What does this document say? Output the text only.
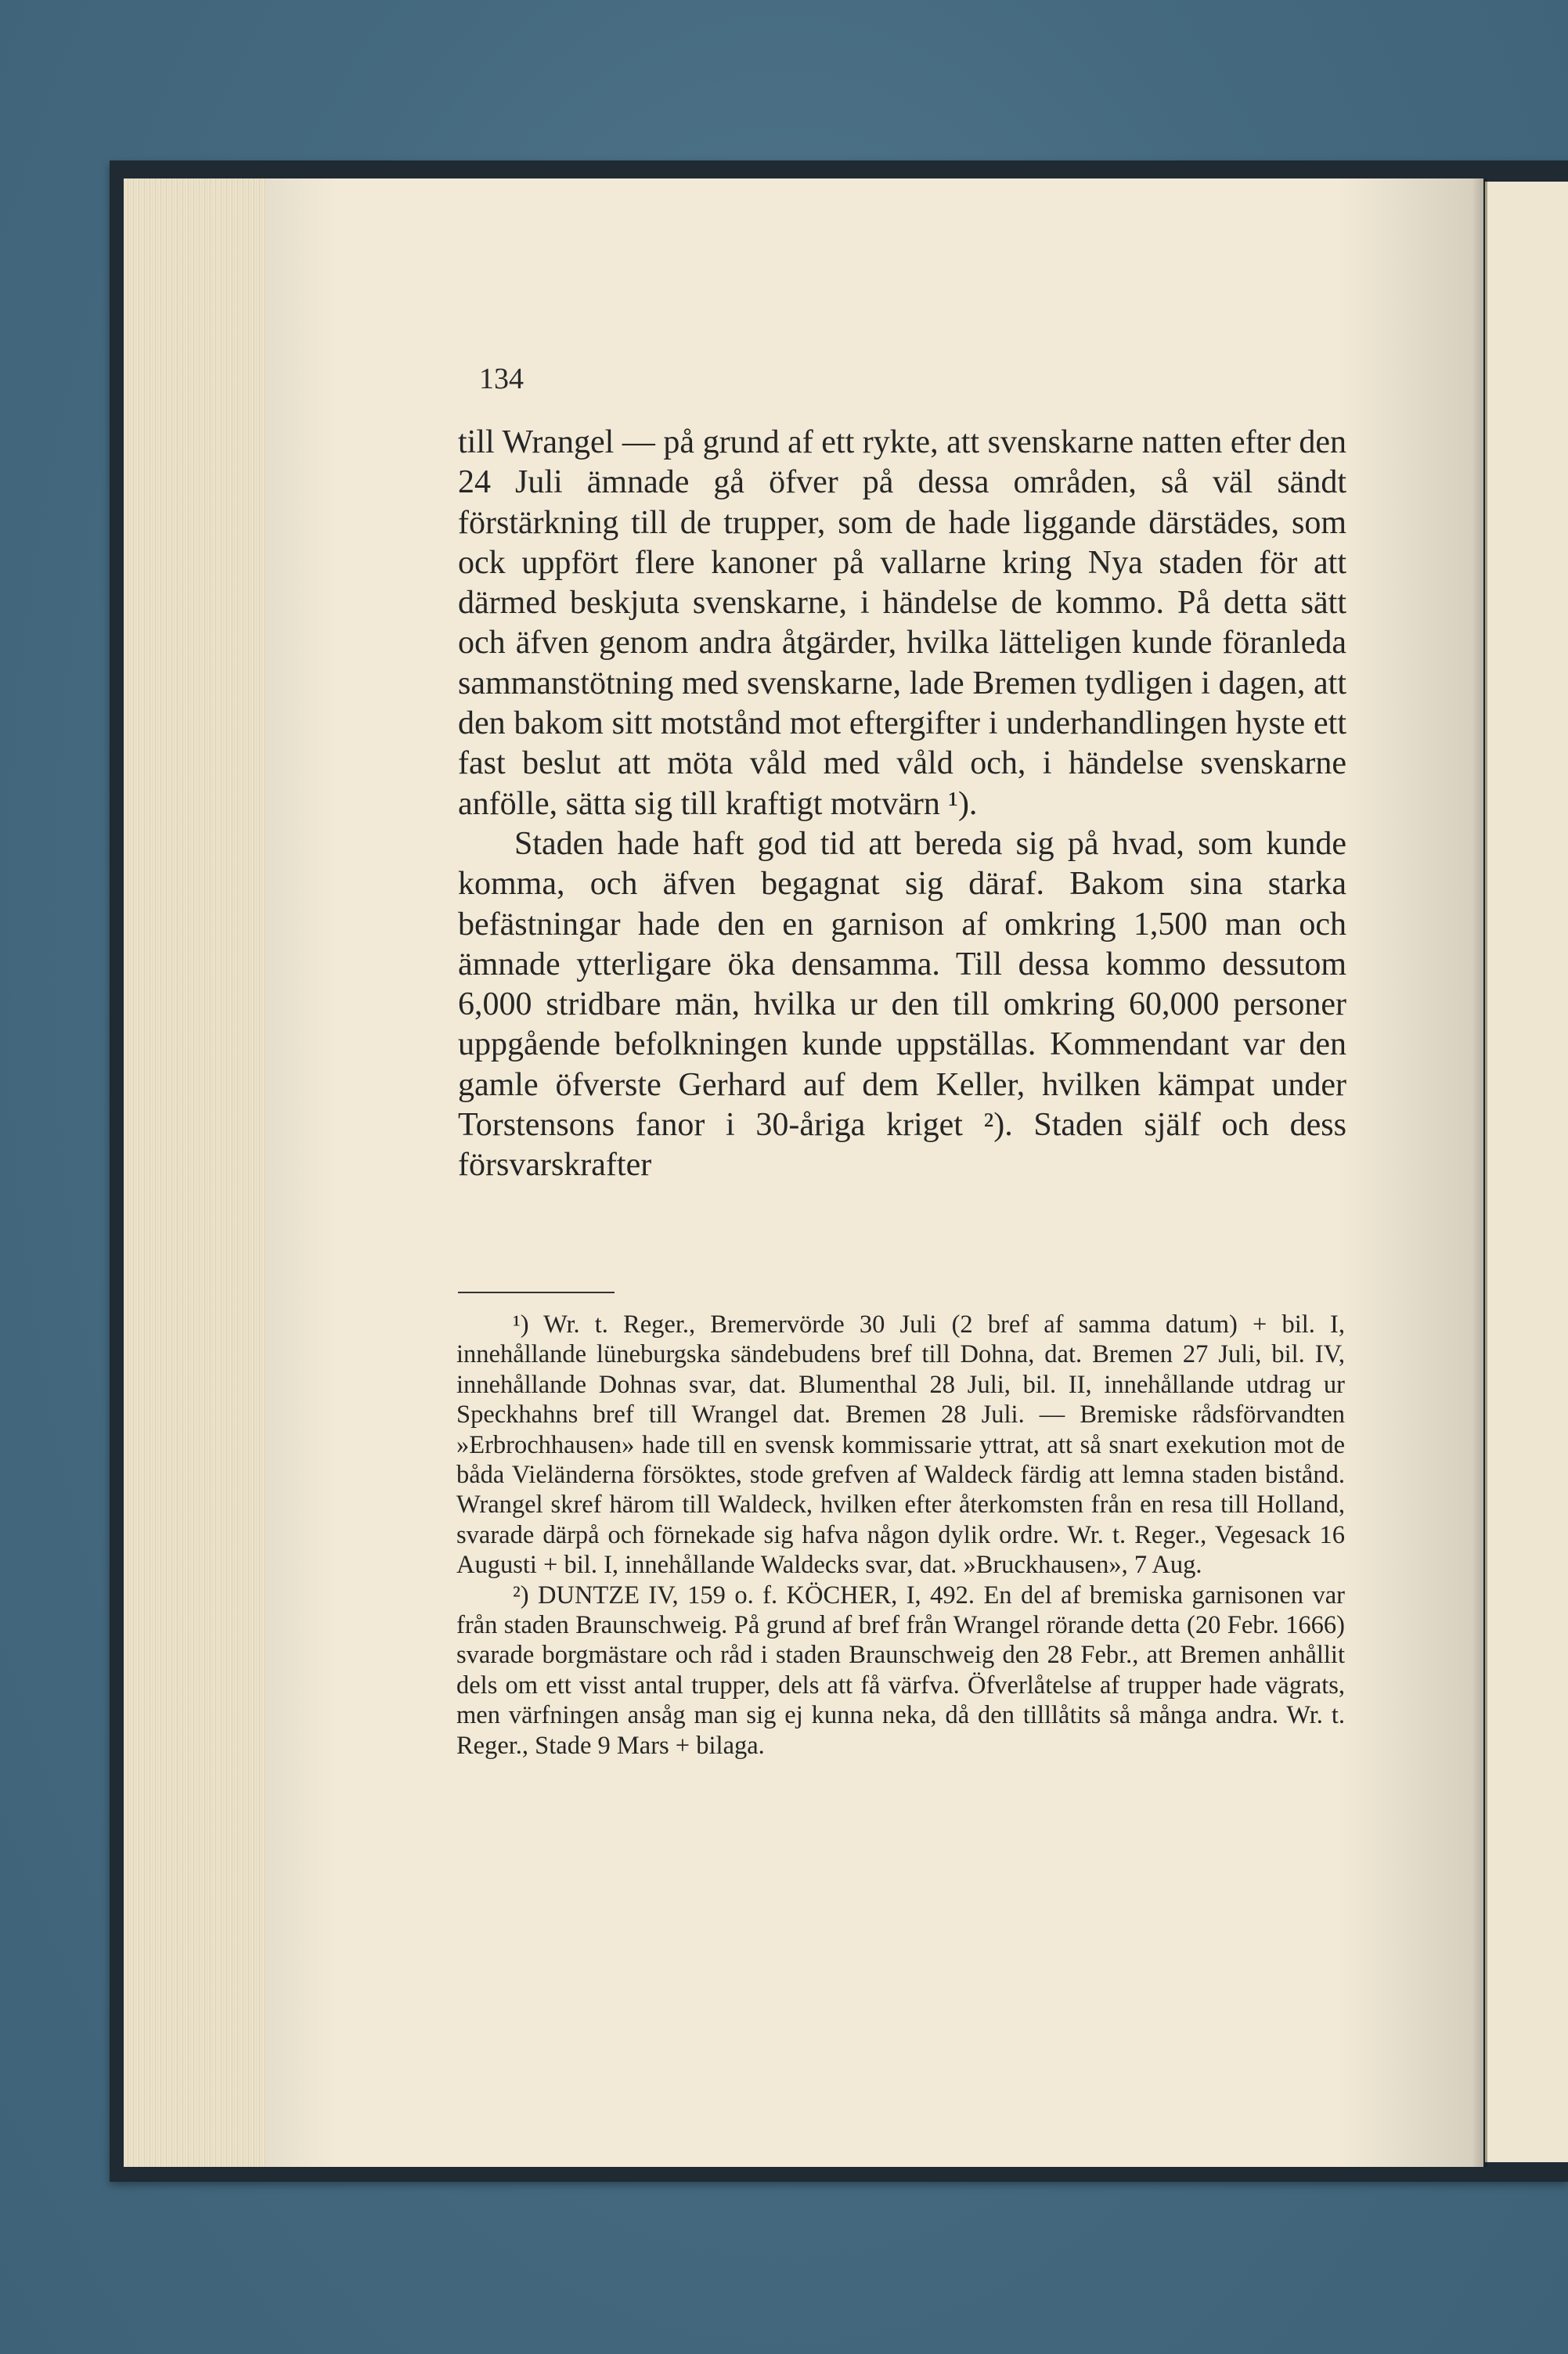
134

till Wrangel — på grund af ett rykte, att svenskarne natten efter den 24 Juli ämnade gå öfver på dessa områden, så väl sändt förstärkning till de trupper, som de hade liggande därstädes, som ock uppfört flere kanoner på vallarne kring Nya staden för att därmed beskjuta svenskarne, i händelse de kommo. På detta sätt och äfven genom andra åtgärder, hvilka lätteligen kunde föranleda sammanstötning med svenskarne, lade Bremen tydligen i dagen, att den bakom sitt motstånd mot eftergifter i underhandlingen hyste ett fast beslut att möta våld med våld och, i händelse svenskarne anfölle, sätta sig till kraftigt motvärn ¹).

Staden hade haft god tid att bereda sig på hvad, som kunde komma, och äfven begagnat sig däraf. Bakom sina starka befästningar hade den en garnison af omkring 1,500 man och ämnade ytterligare öka densamma. Till dessa kommo dessutom 6,000 stridbare män, hvilka ur den till omkring 60,000 personer uppgående befolkningen kunde uppställas. Kommendant var den gamle öfverste Gerhard auf dem Keller, hvilken kämpat under Torstensons fanor i 30-åriga kriget ²). Staden själf och dess försvarskrafter

¹) Wr. t. Reger., Bremervörde 30 Juli (2 bref af samma datum) + bil. I, innehållande lüneburgska sändebudens bref till Dohna, dat. Bremen 27 Juli, bil. IV, innehållande Dohnas svar, dat. Blumenthal 28 Juli, bil. II, innehållande utdrag ur Speckhahns bref till Wrangel dat. Bremen 28 Juli. — Bremiske rådsförvandten »Erbrochhausen» hade till en svensk kommissarie yttrat, att så snart exekution mot de båda Vieländerna försöktes, stode grefven af Waldeck färdig att lemna staden bistånd. Wrangel skref härom till Waldeck, hvilken efter återkomsten från en resa till Holland, svarade därpå och förnekade sig hafva någon dylik ordre. Wr. t. Reger., Vegesack 16 Augusti + bil. I, innehållande Waldecks svar, dat. »Bruckhausen», 7 Aug.

²) DUNTZE IV, 159 o. f. KÖCHER, I, 492. En del af bremiska garnisonen var från staden Braunschweig. På grund af bref från Wrangel rörande detta (20 Febr. 1666) svarade borgmästare och råd i staden Braunschweig den 28 Febr., att Bremen anhållit dels om ett visst antal trupper, dels att få värfva. Öfverlåtelse af trupper hade vägrats, men värfningen ansåg man sig ej kunna neka, då den tilllåtits så många andra. Wr. t. Reger., Stade 9 Mars + bilaga.
